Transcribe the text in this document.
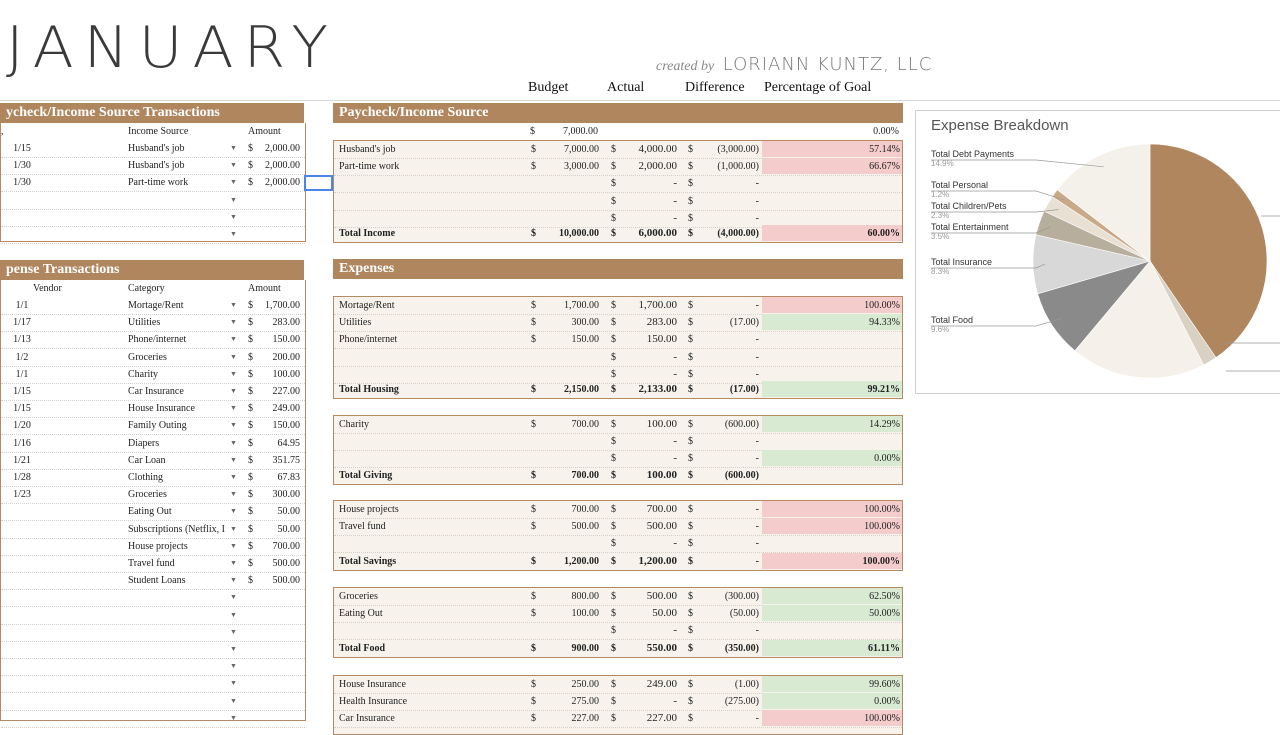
JANUARY	created by LORIANN KUNTZ, LLC
Budget	Actual	Difference Percentage of Goal
ycheck/Income Source Transactions
,	Income Source	Amount
1/15	Husband's job	$	2,000.00
▼
1/30	Husband's job	$	2,000.00
▼
1/30	Part-time work	$	2,000.00
▼
▼
▼
▼
pense Transactions
Vendor	Category	Amount
1/1	Mortage/Rent	$	1,700.00
▼
1/17	Utilities	$	283.00
▼
1/13	Phone/internet	$	150.00
▼
1/2	Groceries	$	200.00
▼
1/1	Charity	$	100.00
▼
1/15	Car Insurance	$	227.00
▼
1/15	House Insurance	$	249.00
▼
1/20	Family Outing	$	150.00
▼
1/16	Diapers	$	64.95
▼
1/21	Car Loan	$	351.75
▼
1/28	Clothing	$	67.83
▼
1/23	Groceries	$	300.00
▼
Eating Out	$	50.00
▼
Subscriptions (Netflix, I	$	50.00
▼
House projects	$	700.00
▼
Travel fund	$	500.00
▼
Student Loans	$	500.00
▼
▼
▼
▼
▼
▼
▼
▼
▼
Paycheck/Income Source
$	7,000.00	0.00%
Husband's job	$	7,000.00 $	4,000.00 $	(3,000.00)	57.14%
Part-time work	$	3,000.00 $	2,000.00 $	(1,000.00)	66.67%
$	- $	-
$	- $	-
$	- $	-
Total Income	$	10,000.00 $	6,000.00 $	(4,000.00)	60.00%
Expenses
Mortage/Rent	$	1,700.00 $	1,700.00 $	-	100.00%
Utilities	$	300.00 $	283.00 $	(17.00)	94.33%
Phone/internet	$	150.00 $	150.00 $	-
$	- $	-
$	- $	-
Total Housing	$	2,150.00 $	2,133.00 $	(17.00)	99.21%
Charity	$	700.00 $	100.00 $	(600.00)	14.29%
$	- $	-
$	- $	-	0.00%
Total Giving	$	700.00 $	100.00 $	(600.00)
House projects	$	700.00 $	700.00 $	-	100.00%
Travel fund	$	500.00 $	500.00 $	-	100.00%
$	- $	-
Total Savings	$	1,200.00 $	1,200.00 $	-	100.00%
Groceries	$	800.00 $	500.00 $	(300.00)	62.50%
Eating Out	$	100.00 $	50.00 $	(50.00)	50.00%
$	- $	-
Total Food	$	900.00 $	550.00 $	(350.00)	61.11%
House Insurance	$	250.00 $	249.00 $	(1.00)	99.60%
Health Insurance	$	275.00 $	- $	(275.00)	0.00%
Car Insurance	$	227.00 $	227.00 $	-	100.00%
Expense Breakdown
Total Food
9.6%
Total Insurance
8.3%
Total Entertainment
3.5%
Total Children/Pets
2.3%
Total Personal
1.2%
Total Debt Payments
14.9%
